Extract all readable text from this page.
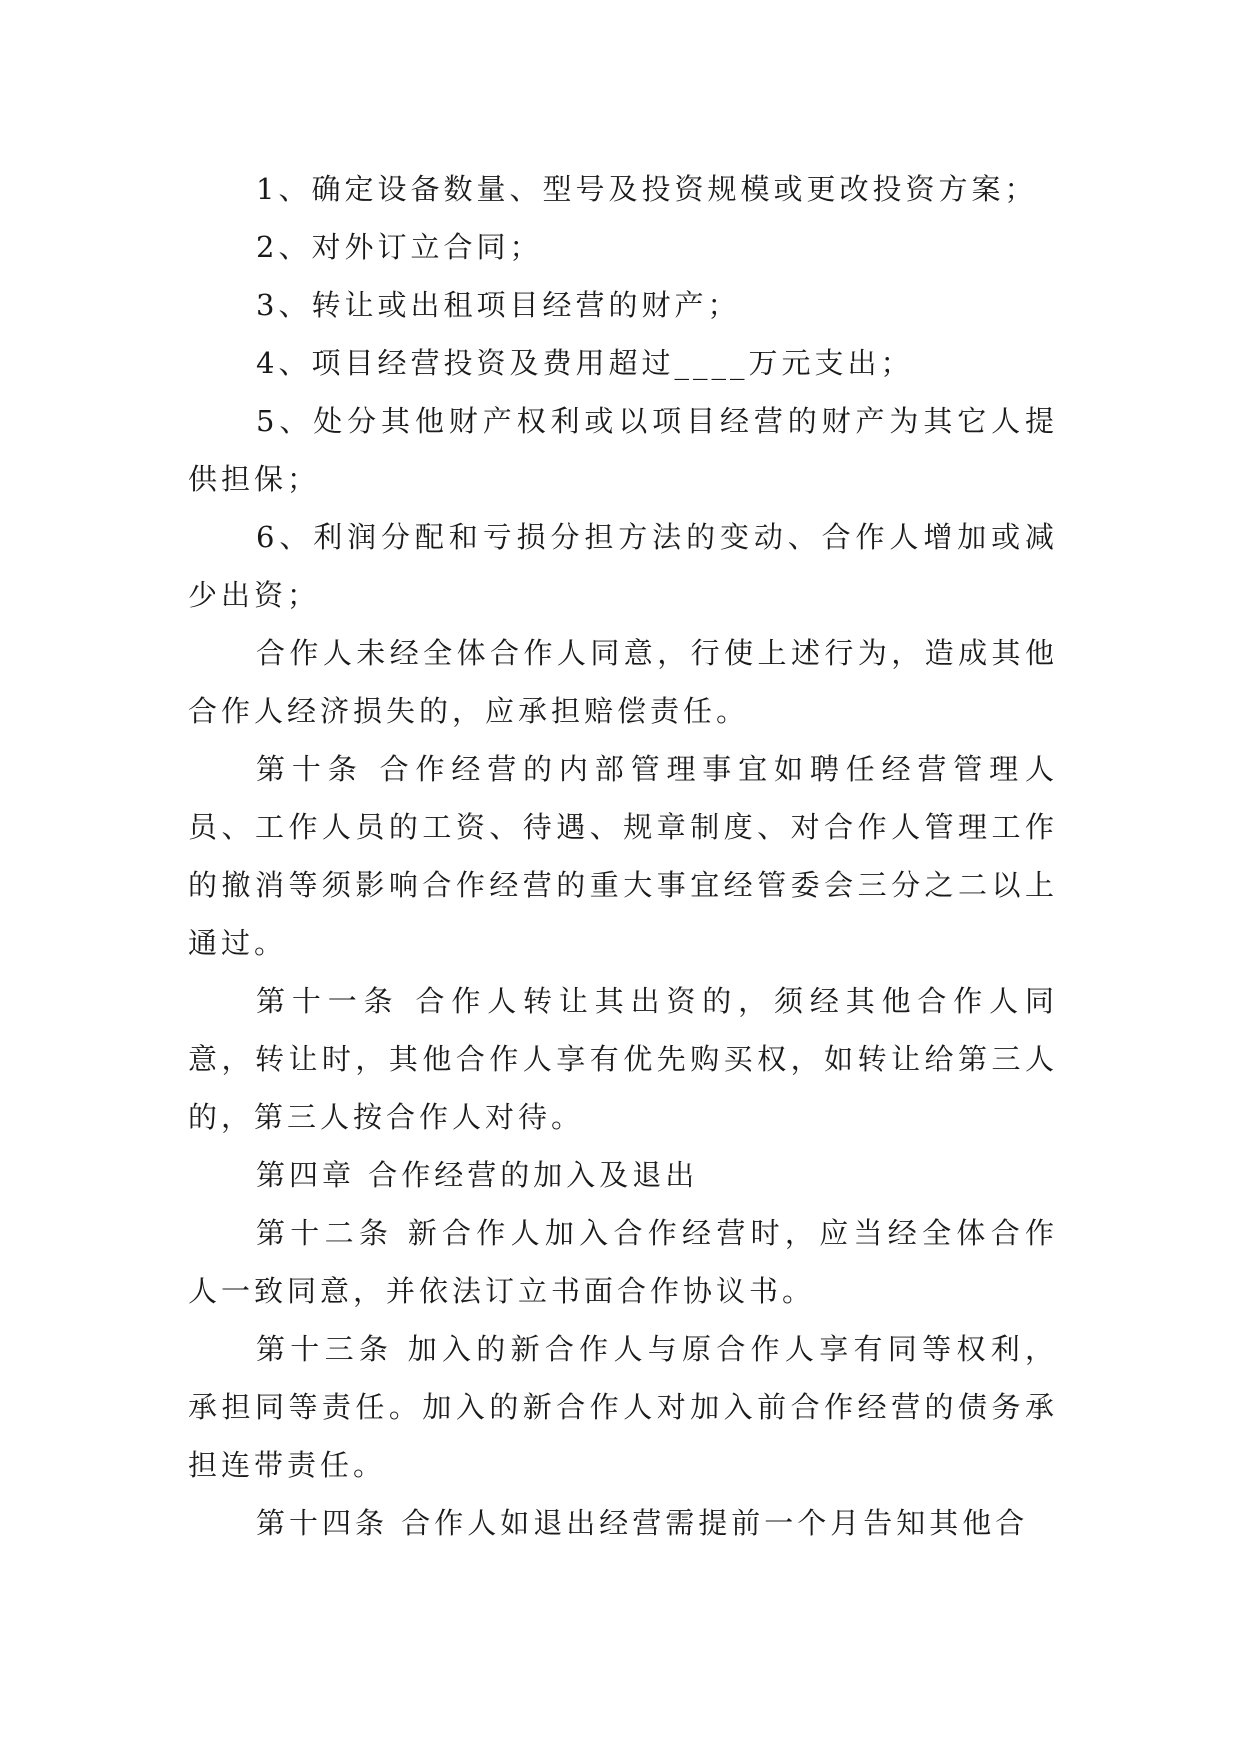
1、确定设备数量、型号及投资规模或更改投资方案；

2、对外订立合同；

3、转让或出租项目经营的财产；

4、项目经营投资及费用超过____万元支出；

5、处分其他财产权利或以项目经营的财产为其它人提供担保；

6、利润分配和亏损分担方法的变动、合作人增加或减少出资；

合作人未经全体合作人同意，行使上述行为，造成其他合作人经济损失的，应承担赔偿责任。

第十条 合作经营的内部管理事宜如聘任经营管理人员、工作人员的工资、待遇、规章制度、对合作人管理工作的撤消等须影响合作经营的重大事宜经管委会三分之二以上通过。

第十一条 合作人转让其出资的，须经其他合作人同意，转让时，其他合作人享有优先购买权，如转让给第三人的，第三人按合作人对待。

第四章 合作经营的加入及退出

第十二条 新合作人加入合作经营时，应当经全体合作人一致同意，并依法订立书面合作协议书。

第十三条 加入的新合作人与原合作人享有同等权利，承担同等责任。加入的新合作人对加入前合作经营的债务承担连带责任。

第十四条 合作人如退出经营需提前一个月告知其他合
